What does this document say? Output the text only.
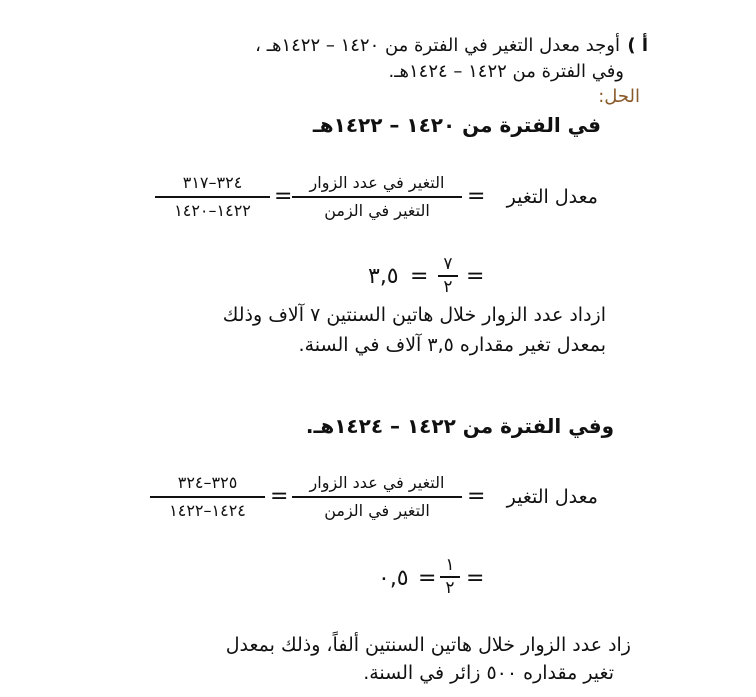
أ )
أوجد معدل التغير في الفترة من ١٤٢٠ – ١٤٢٢هـ ،
وفي الفترة من ١٤٢٢ – ١٤٢٤هـ.
الحل:
في الفترة من ١٤٢٠ – ١٤٢٢هـ
معدل التغير
=
التغير في عدد الزوار
التغير في الزمن
=
٣٢٤–٣١٧
١٤٢٢–١٤٢٠
=
٧
٢
=
٣,٥
ازداد عدد الزوار خلال هاتين السنتين ٧ آلاف وذلك
بمعدل تغير مقداره ٣,٥ آلاف في السنة.
وفي الفترة من ١٤٢٢ – ١٤٢٤هـ.
معدل التغير
=
التغير في عدد الزوار
التغير في الزمن
=
٣٢٥–٣٢٤
١٤٢٤–١٤٢٢
=
١
٢
=
٠,٥
زاد عدد الزوار خلال هاتين السنتين ألفاً، وذلك بمعدل
تغير مقداره ٥٠٠ زائر في السنة.
